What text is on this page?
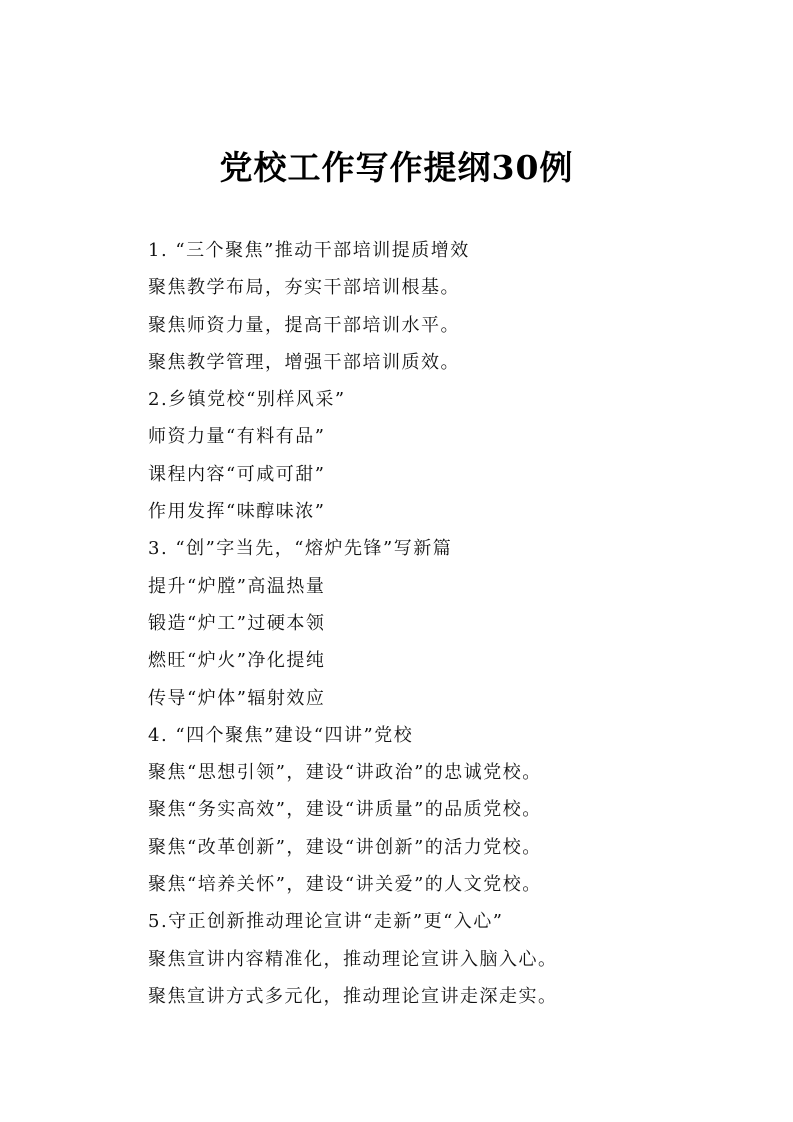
党校工作写作提纲30例
1. “三个聚焦”推动干部培训提质增效
聚焦教学布局，夯实干部培训根基。
聚焦师资力量，提高干部培训水平。
聚焦教学管理，增强干部培训质效。
2.乡镇党校“别样风采”
师资力量“有料有品”
课程内容“可咸可甜”
作用发挥“味醇味浓”
3. “创”字当先，“熔炉先锋”写新篇
提升“炉膛”高温热量
锻造“炉工”过硬本领
燃旺“炉火”净化提纯
传导“炉体”辐射效应
4. “四个聚焦”建设“四讲”党校
聚焦“思想引领”，建设“讲政治”的忠诚党校。
聚焦“务实高效”，建设“讲质量”的品质党校。
聚焦“改革创新”，建设“讲创新”的活力党校。
聚焦“培养关怀”，建设“讲关爱”的人文党校。
5.守正创新推动理论宣讲“走新”更“入心”
聚焦宣讲内容精准化，推动理论宣讲入脑入心。
聚焦宣讲方式多元化，推动理论宣讲走深走实。
